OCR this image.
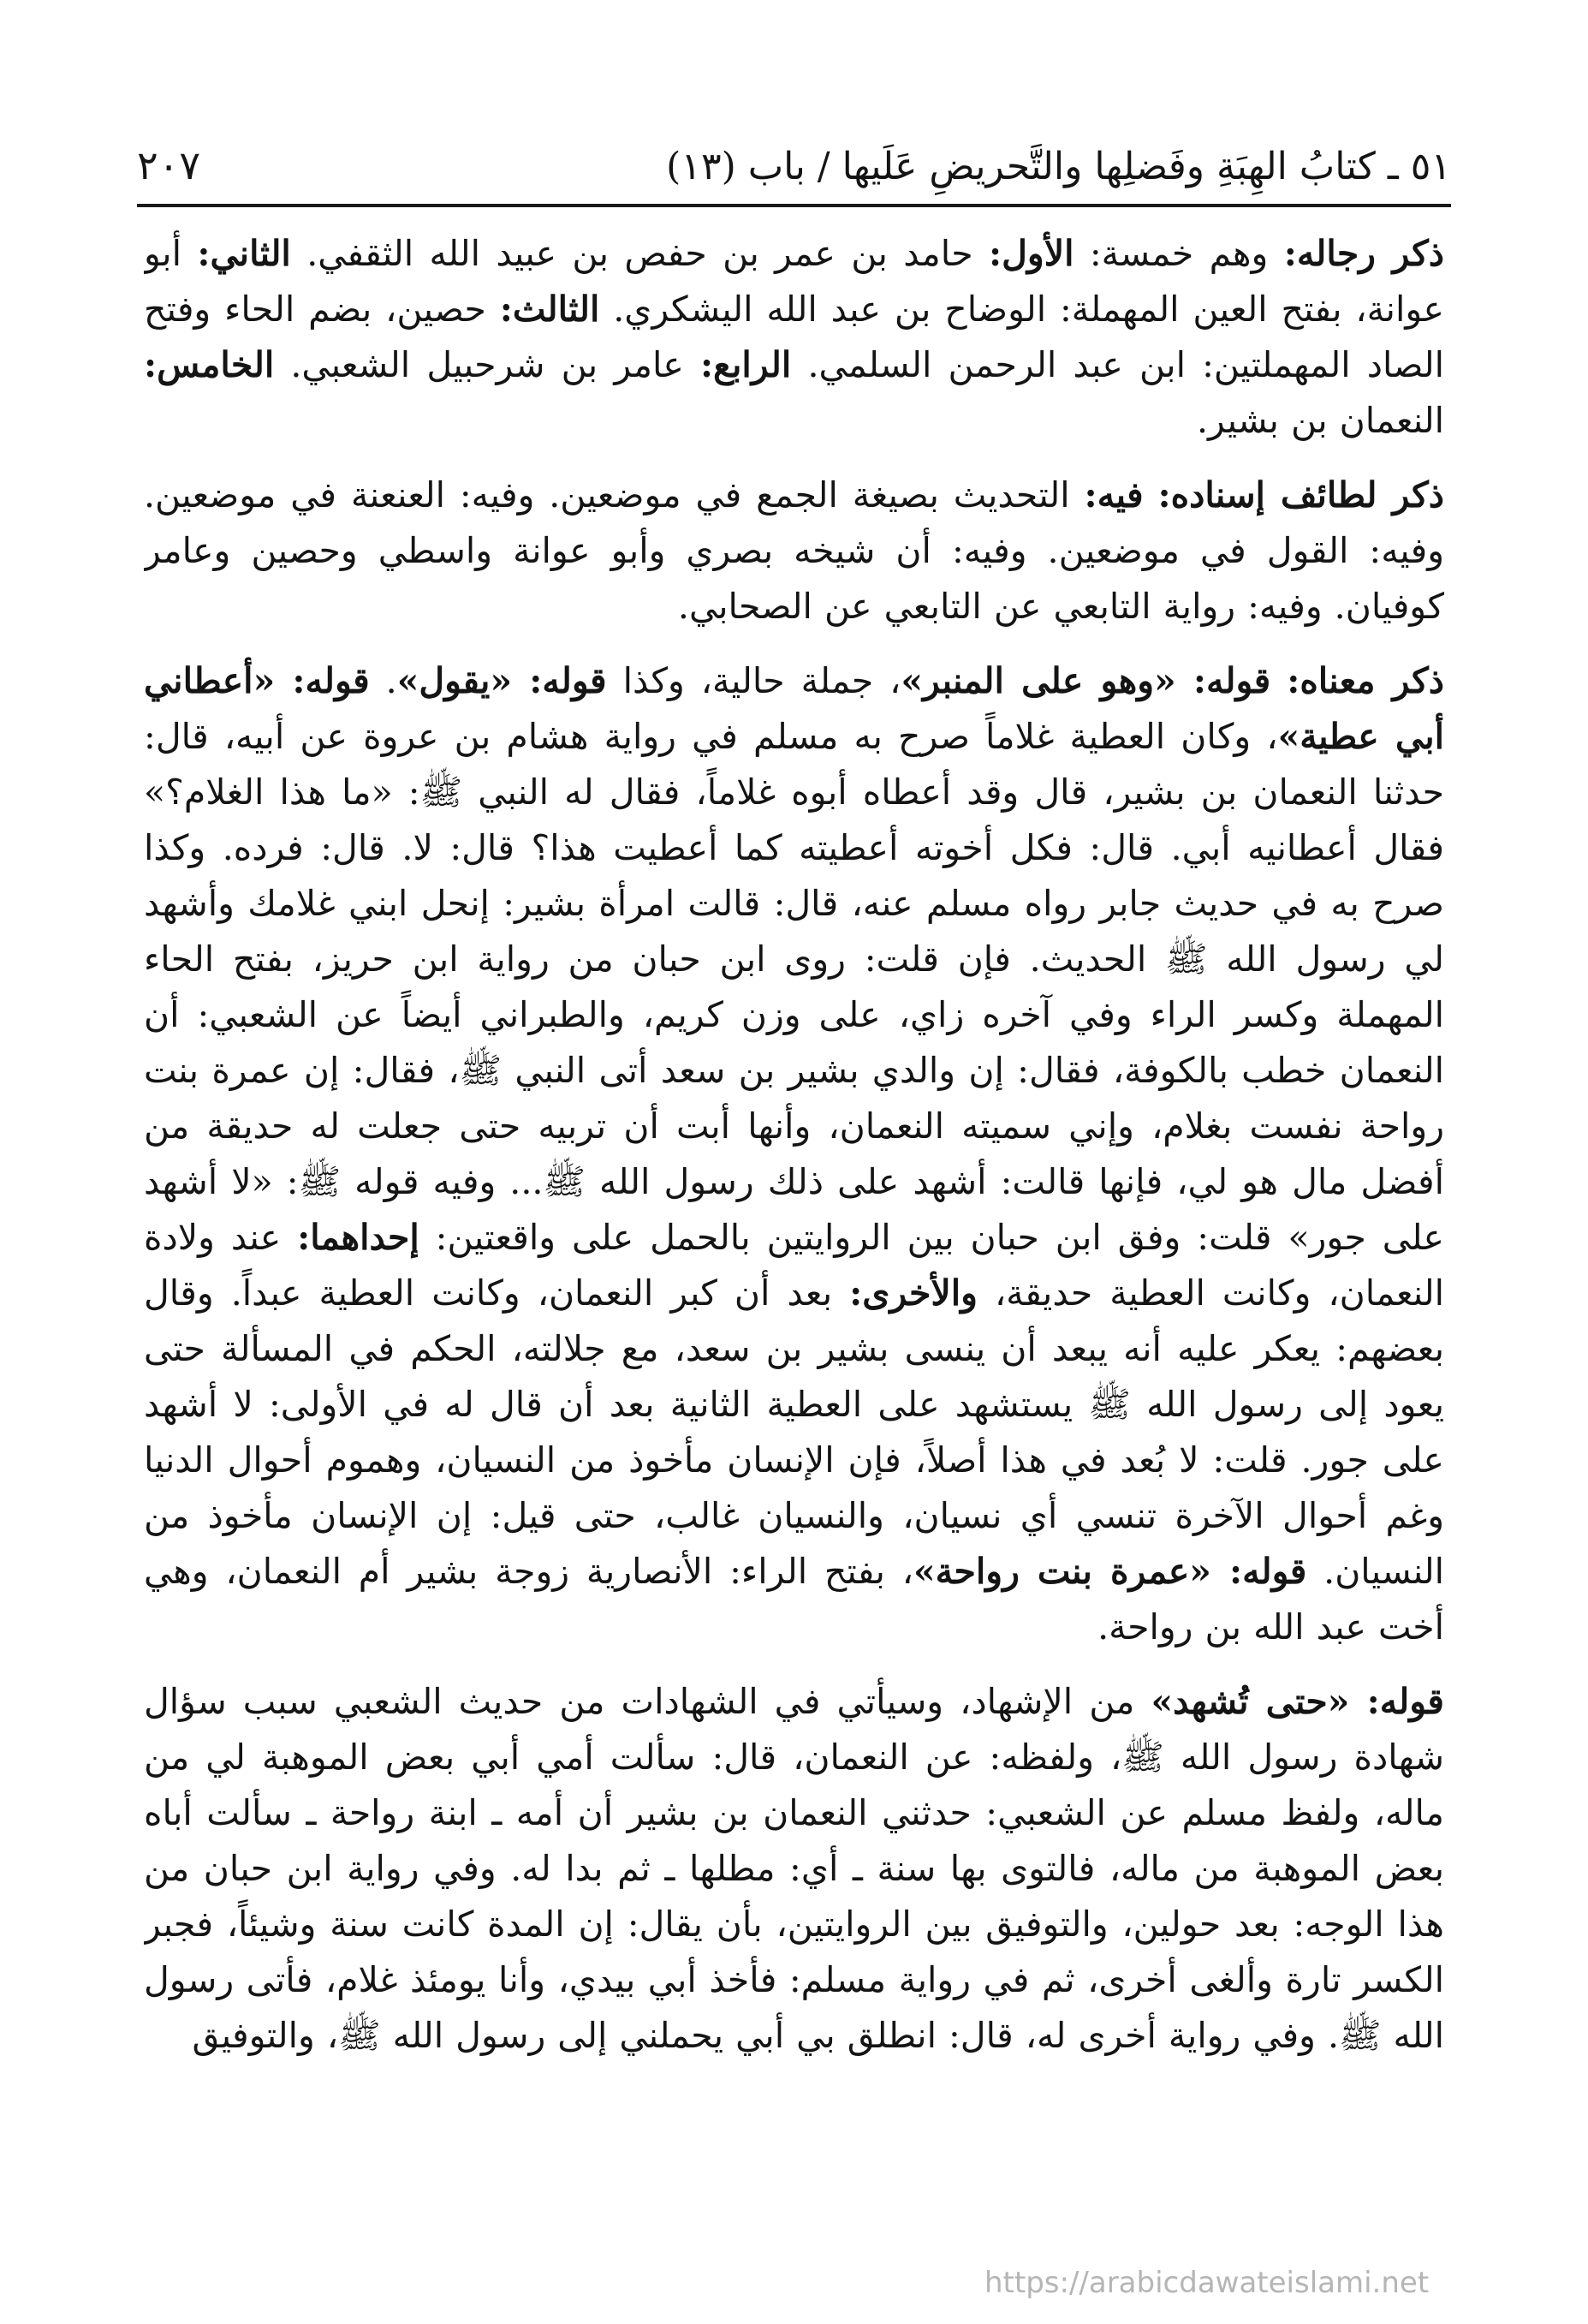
٥١ ـ كتابُ الهِبَةِ وفَضلِها والتَّحريضِ عَلَيها / باب (١٣)
٢٠٧

ذكر رجاله: وهم خمسة: الأول: حامد بن عمر بن حفص بن عبيد الله الثقفي. الثاني: أبو عوانة، بفتح العين المهملة: الوضاح بن عبد الله اليشكري. الثالث: حصين، بضم الحاء وفتح الصاد المهملتين: ابن عبد الرحمن السلمي. الرابع: عامر بن شرحبيل الشعبي. الخامس: النعمان بن بشير.

ذكر لطائف إسناده: فيه: التحديث بصيغة الجمع في موضعين. وفيه: العنعنة في موضعين. وفيه: القول في موضعين. وفيه: أن شيخه بصري وأبو عوانة واسطي وحصين وعامر كوفيان. وفيه: رواية التابعي عن التابعي عن الصحابي.

ذكر معناه: قوله: «وهو على المنبر»، جملة حالية، وكذا قوله: «يقول». قوله: «أعطاني أبي عطية»، وكان العطية غلاماً صرح به مسلم في رواية هشام بن عروة عن أبيه، قال: حدثنا النعمان بن بشير، قال وقد أعطاه أبوه غلاماً، فقال له النبي ﷺ: «ما هذا الغلام؟» فقال أعطانيه أبي. قال: فكل أخوته أعطيته كما أعطيت هذا؟ قال: لا. قال: فرده. وكذا صرح به في حديث جابر رواه مسلم عنه، قال: قالت امرأة بشير: إنحل ابني غلامك وأشهد لي رسول الله ﷺ الحديث. فإن قلت: روى ابن حبان من رواية ابن حريز، بفتح الحاء المهملة وكسر الراء وفي آخره زاي، على وزن كريم، والطبراني أيضاً عن الشعبي: أن النعمان خطب بالكوفة، فقال: إن والدي بشير بن سعد أتى النبي ﷺ، فقال: إن عمرة بنت رواحة نفست بغلام، وإني سميته النعمان، وأنها أبت أن تربيه حتى جعلت له حديقة من أفضل مال هو لي، فإنها قالت: أشهد على ذلك رسول الله ﷺ... وفيه قوله ﷺ: «لا أشهد على جور» قلت: وفق ابن حبان بين الروايتين بالحمل على واقعتين: إحداهما: عند ولادة النعمان، وكانت العطية حديقة، والأخرى: بعد أن كبر النعمان، وكانت العطية عبداً. وقال بعضهم: يعكر عليه أنه يبعد أن ينسى بشير بن سعد، مع جلالته، الحكم في المسألة حتى يعود إلى رسول الله ﷺ يستشهد على العطية الثانية بعد أن قال له في الأولى: لا أشهد على جور. قلت: لا بُعد في هذا أصلاً، فإن الإنسان مأخوذ من النسيان، وهموم أحوال الدنيا وغم أحوال الآخرة تنسي أي نسيان، والنسيان غالب، حتى قيل: إن الإنسان مأخوذ من النسيان. قوله: «عمرة بنت رواحة»، بفتح الراء: الأنصارية زوجة بشير أم النعمان، وهي أخت عبد الله بن رواحة.

قوله: «حتى تُشهد» من الإشهاد، وسيأتي في الشهادات من حديث الشعبي سبب سؤال شهادة رسول الله ﷺ، ولفظه: عن النعمان، قال: سألت أمي أبي بعض الموهبة لي من ماله، ولفظ مسلم عن الشعبي: حدثني النعمان بن بشير أن أمه ـ ابنة رواحة ـ سألت أباه بعض الموهبة من ماله، فالتوى بها سنة ـ أي: مطلها ـ ثم بدا له. وفي رواية ابن حبان من هذا الوجه: بعد حولين، والتوفيق بين الروايتين، بأن يقال: إن المدة كانت سنة وشيئاً، فجبر الكسر تارة وألغى أخرى، ثم في رواية مسلم: فأخذ أبي بيدي، وأنا يومئذ غلام، فأتى رسول الله ﷺ. وفي رواية أخرى له، قال: انطلق بي أبي يحملني إلى رسول الله ﷺ، والتوفيق

https://arabicdawateislami.net
